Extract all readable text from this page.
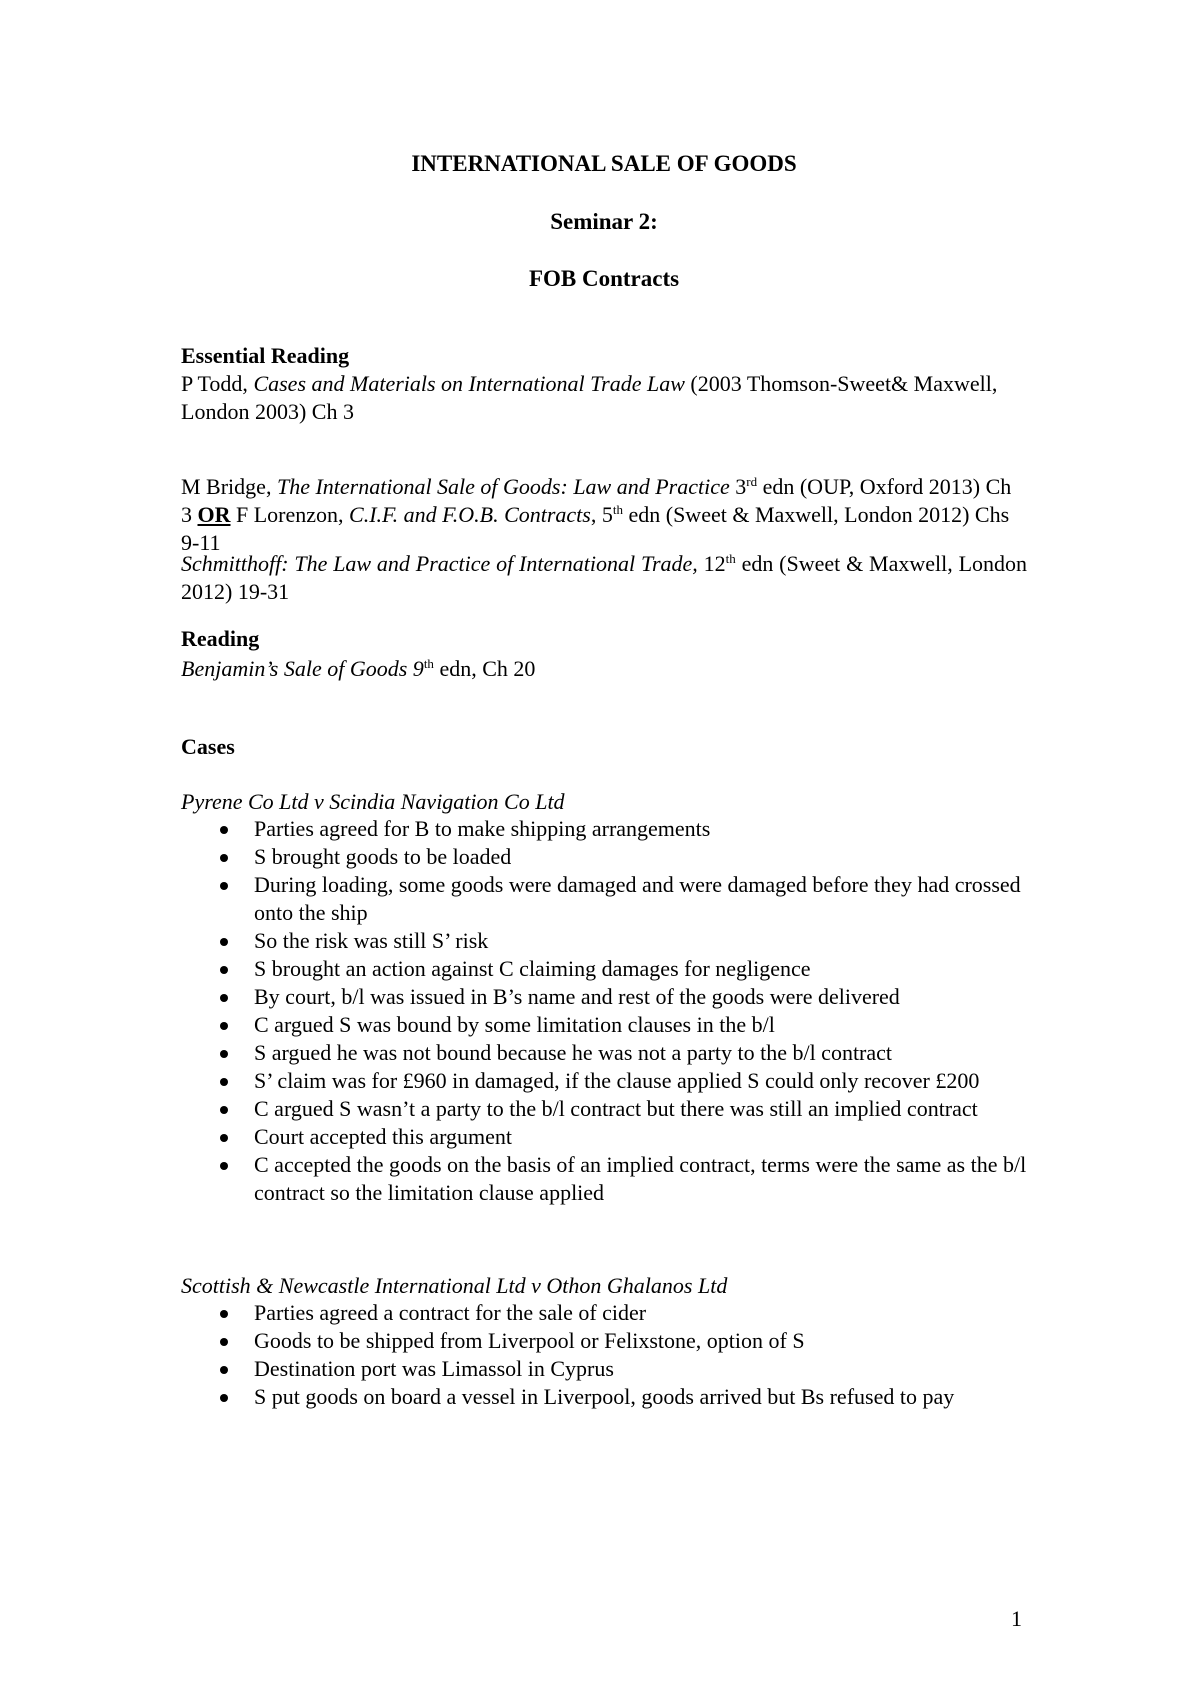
INTERNATIONAL SALE OF GOODS
Seminar 2:
FOB Contracts
Essential Reading
P Todd, Cases and Materials on International Trade Law (2003 Thomson-Sweet& Maxwell, London 2003) Ch 3
M Bridge, The International Sale of Goods: Law and Practice 3rd edn (OUP, Oxford 2013) Ch 3 OR F Lorenzon, C.I.F. and F.O.B. Contracts, 5th edn (Sweet & Maxwell, London 2012) Chs 9-11
Schmitthoff: The Law and Practice of International Trade, 12th edn (Sweet & Maxwell, London 2012) 19-31
Reading
Benjamin’s Sale of Goods 9th edn, Ch 20
Cases
Pyrene Co Ltd v Scindia Navigation Co Ltd
Parties agreed for B to make shipping arrangements
S brought goods to be loaded
During loading, some goods were damaged and were damaged before they had crossed onto the ship
So the risk was still S’ risk
S brought an action against C claiming damages for negligence
By court, b/l was issued in B’s name and rest of the goods were delivered
C argued S was bound by some limitation clauses in the b/l
S argued he was not bound because he was not a party to the b/l contract
S’ claim was for £960 in damaged, if the clause applied S could only recover £200
C argued S wasn’t a party to the b/l contract but there was still an implied contract
Court accepted this argument
C accepted the goods on the basis of an implied contract, terms were the same as the b/l contract so the limitation clause applied
Scottish & Newcastle International Ltd v Othon Ghalanos Ltd
Parties agreed a contract for the sale of cider
Goods to be shipped from Liverpool or Felixstone, option of S
Destination port was Limassol in Cyprus
S put goods on board a vessel in Liverpool, goods arrived but Bs refused to pay
1
